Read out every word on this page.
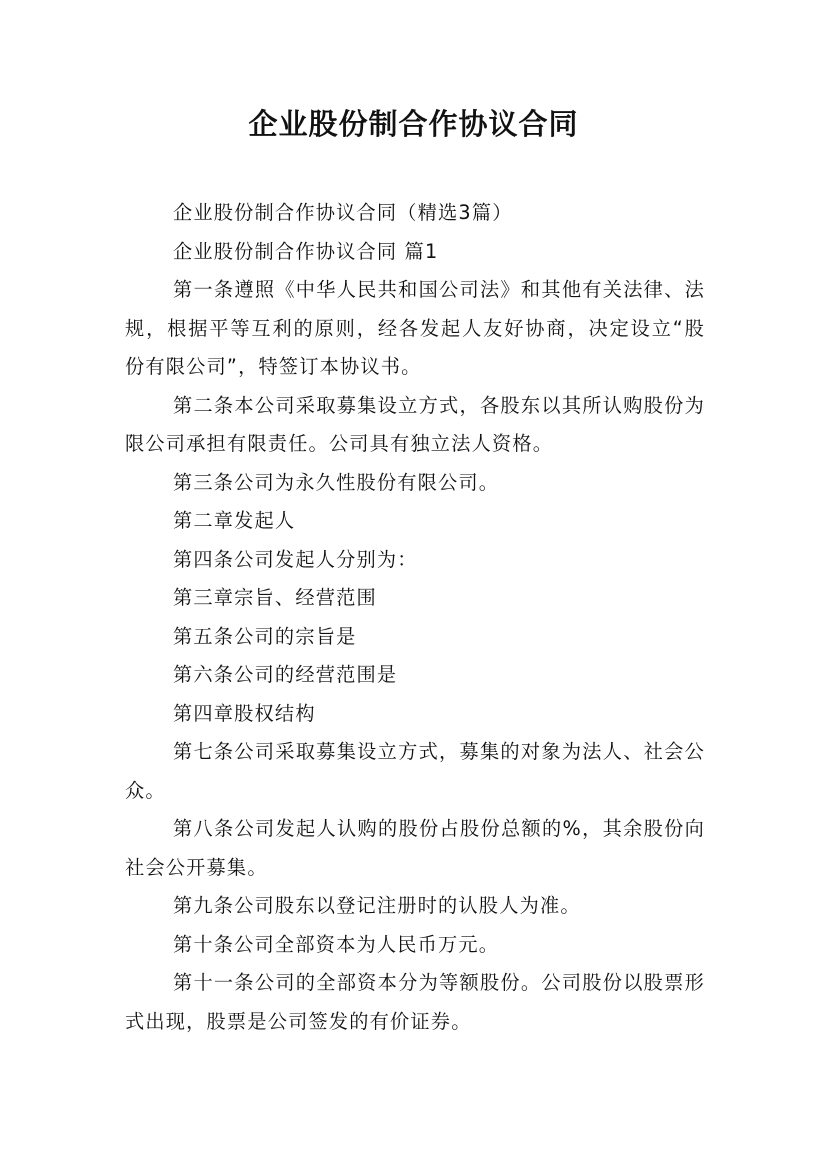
企业股份制合作协议合同

企业股份制合作协议合同（精选3篇）

企业股份制合作协议合同 篇1

第一条遵照《中华人民共和国公司法》和其他有关法律、法规，根据平等互利的原则，经各发起人友好协商，决定设立“股份有限公司”，特签订本协议书。

第二条本公司采取募集设立方式，各股东以其所认购股份为限公司承担有限责任。公司具有独立法人资格。

第三条公司为永久性股份有限公司。

第二章发起人

第四条公司发起人分别为：

第三章宗旨、经营范围

第五条公司的宗旨是

第六条公司的经营范围是

第四章股权结构

第七条公司采取募集设立方式，募集的对象为法人、社会公众。

第八条公司发起人认购的股份占股份总额的%，其余股份向社会公开募集。

第九条公司股东以登记注册时的认股人为准。

第十条公司全部资本为人民币万元。

第十一条公司的全部资本分为等额股份。公司股份以股票形式出现，股票是公司签发的有价证券。
